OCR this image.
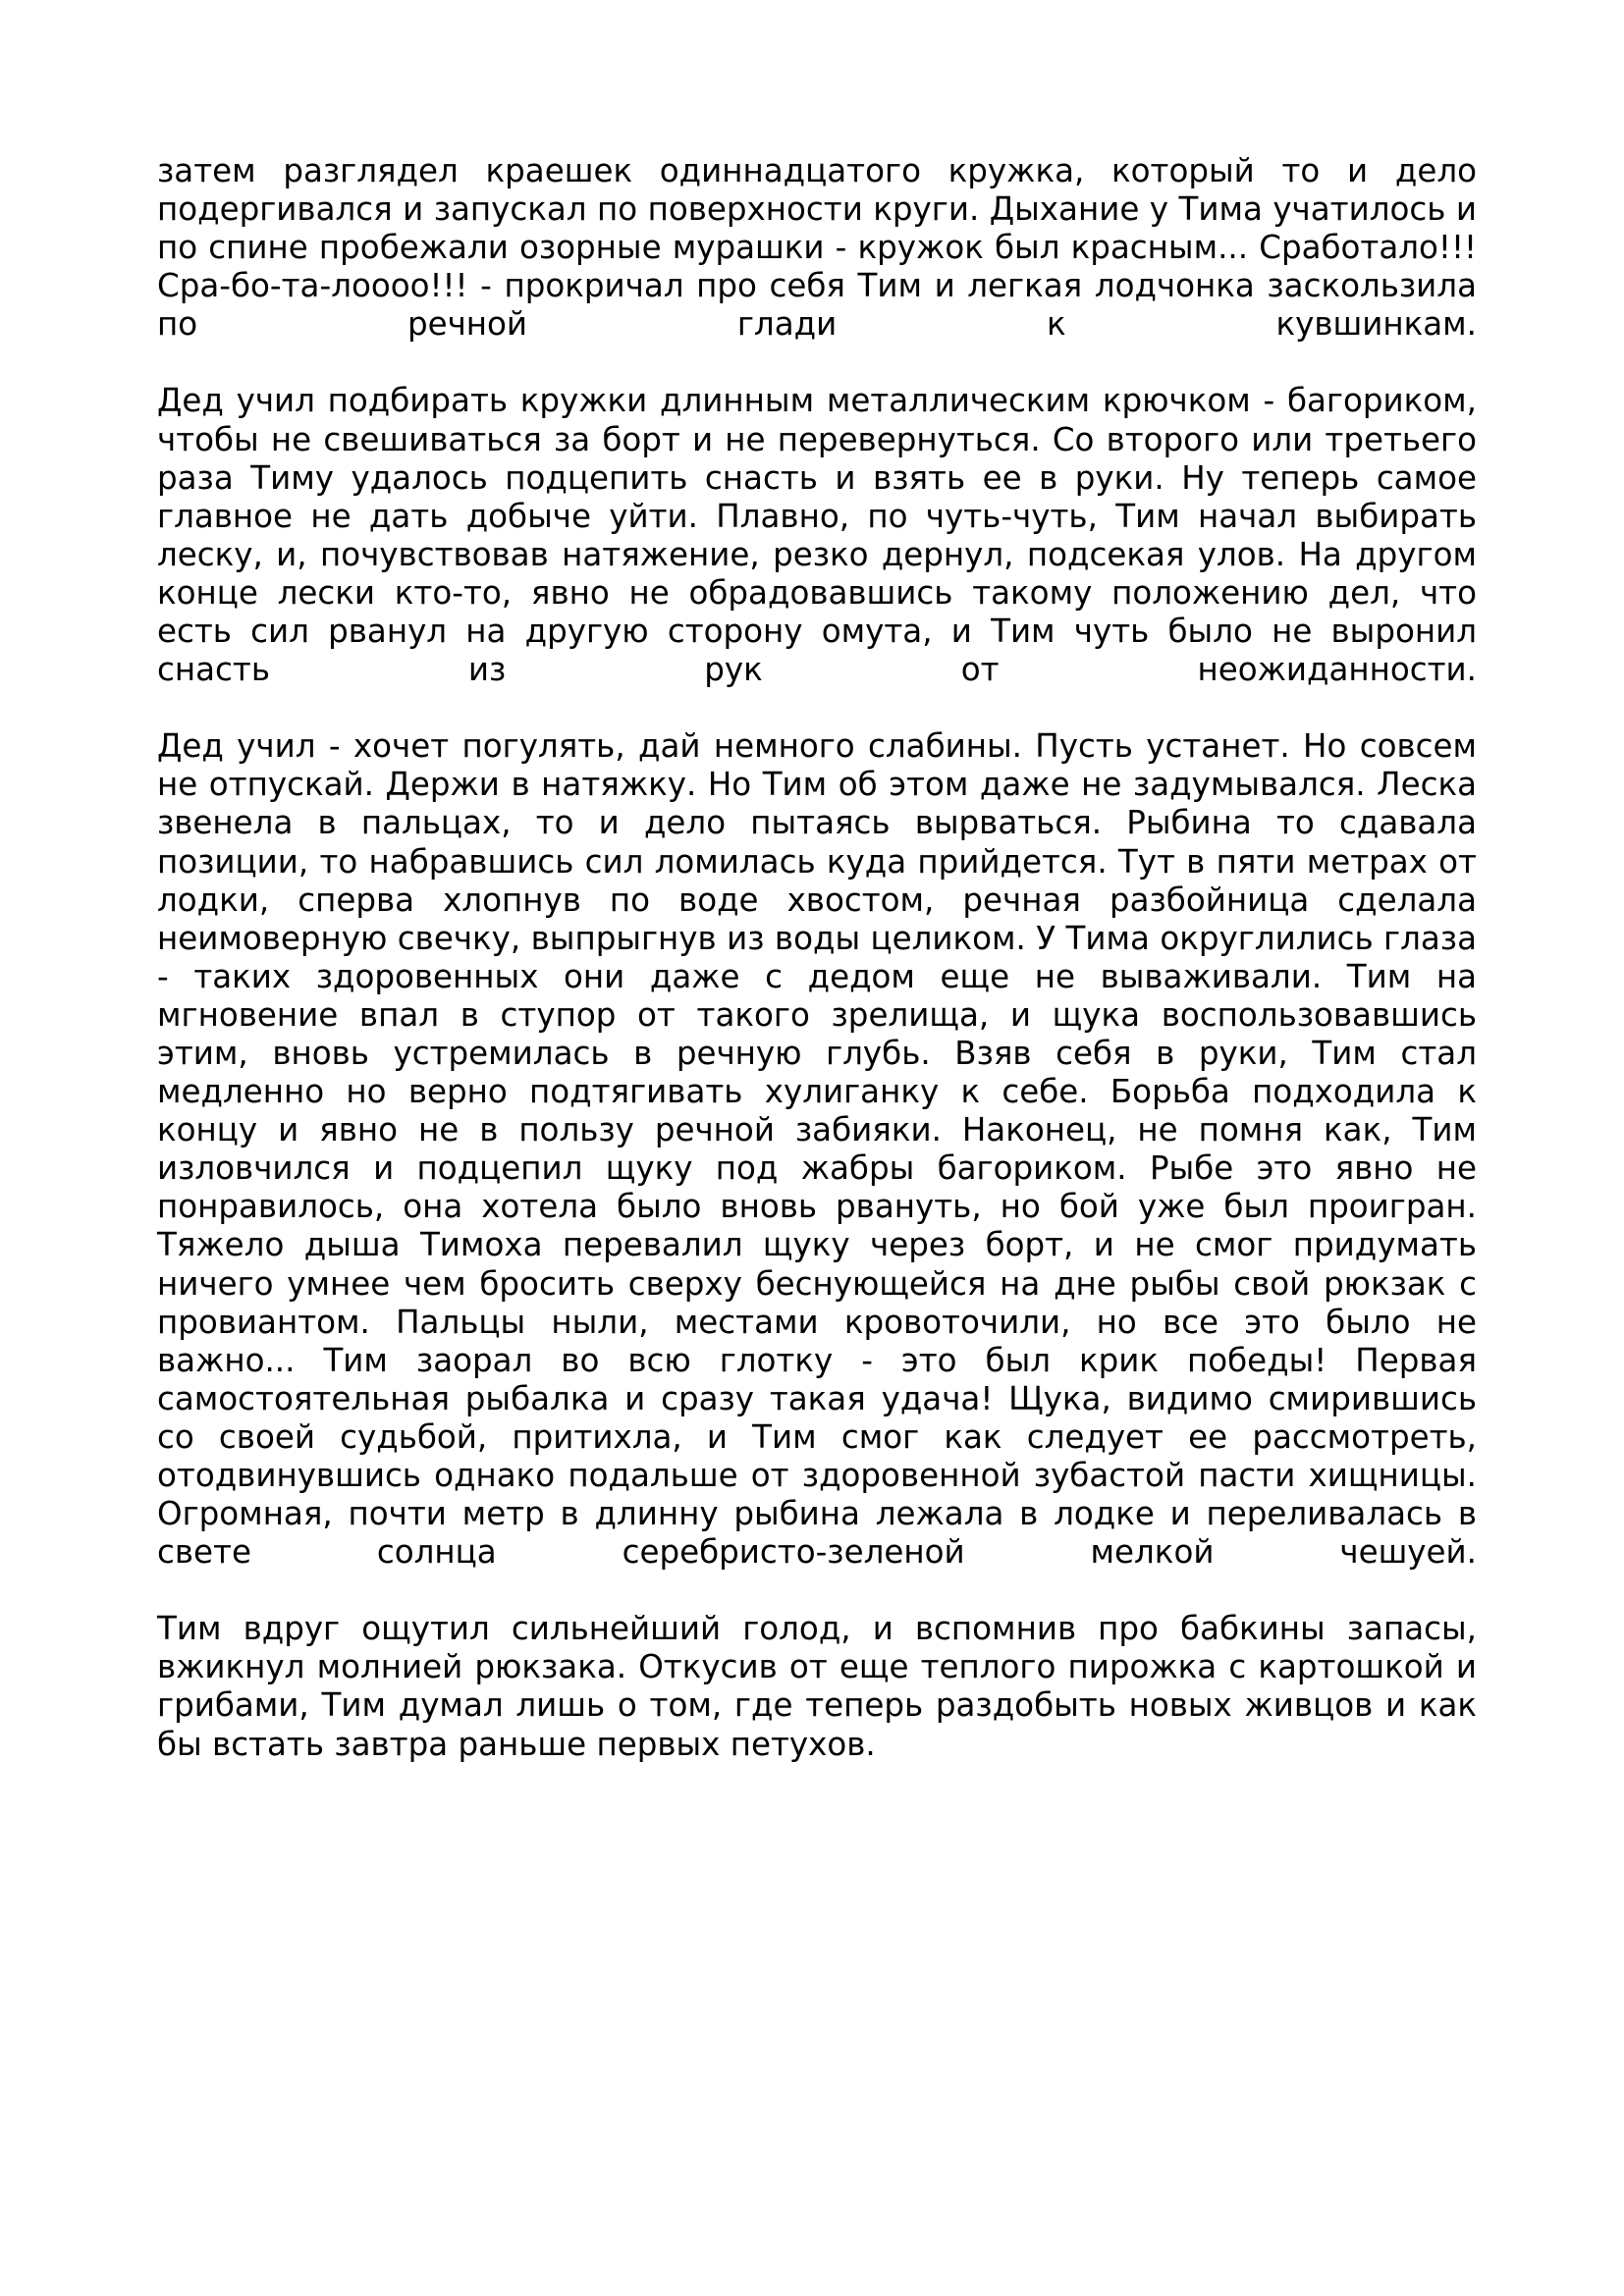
затем разглядел краешек одиннадцатого кружка, который то и дело подергивался и запускал по поверхности круги. Дыхание у Тима учатилось и по спине пробежали озорные мурашки - кружок был красным... Сработало!!! Сра-бо-та-лоооо!!! - прокричал про себя Тим и легкая лодчонка заскользила по речной глади к кувшинкам.

Дед учил подбирать кружки длинным металлическим крючком - багориком, чтобы не свешиваться за борт и не перевернуться. Со второго или третьего раза Тиму удалось подцепить снасть и взять ее в руки. Ну теперь самое главное не дать добыче уйти. Плавно, по чуть-чуть, Тим начал выбирать леску, и, почувствовав натяжение, резко дернул, подсекая улов. На другом конце лески кто-то, явно не обрадовавшись такому положению дел, что есть сил рванул на другую сторону омута, и Тим чуть было не выронил снасть из рук от неожиданности.

Дед учил - хочет погулять, дай немного слабины. Пусть устанет. Но совсем не отпускай. Держи в натяжку. Но Тим об этом даже не задумывался. Леска звенела в пальцах, то и дело пытаясь вырваться. Рыбина то сдавала позиции, то набравшись сил ломилась куда прийдется. Тут в пяти метрах от лодки, сперва хлопнув по воде хвостом, речная разбойница сделала неимоверную свечку, выпрыгнув из воды целиком. У Тима округлились глаза - таких здоровенных они даже с дедом еще не вываживали. Тим на мгновение впал в ступор от такого зрелища, и щука воспользовавшись этим, вновь устремилась в речную глубь. Взяв себя в руки, Тим стал медленно но верно подтягивать хулиганку к себе. Борьба подходила к концу и явно не в пользу речной забияки. Наконец, не помня как, Тим изловчился и подцепил щуку под жабры багориком. Рыбе это явно не понравилось, она хотела было вновь рвануть, но бой уже был проигран. Тяжело дыша Тимоха перевалил щуку через борт, и не смог придумать ничего умнее чем бросить сверху беснующейся на дне рыбы свой рюкзак с провиантом. Пальцы ныли, местами кровоточили, но все это было не важно... Тим заорал во всю глотку - это был крик победы! Первая самостоятельная рыбалка и сразу такая удача! Щука, видимо смирившись со своей судьбой, притихла, и Тим смог как следует ее рассмотреть, отодвинувшись однако подальше от здоровенной зубастой пасти хищницы. Огромная, почти метр в длинну рыбина лежала в лодке и переливалась в свете солнца серебристо-зеленой мелкой чешуей.

Тим вдруг ощутил сильнейший голод, и вспомнив про бабкины запасы, вжикнул молнией рюкзака. Откусив от еще теплого пирожка с картошкой и грибами, Тим думал лишь о том, где теперь раздобыть новых живцов и как бы встать завтра раньше первых петухов.
